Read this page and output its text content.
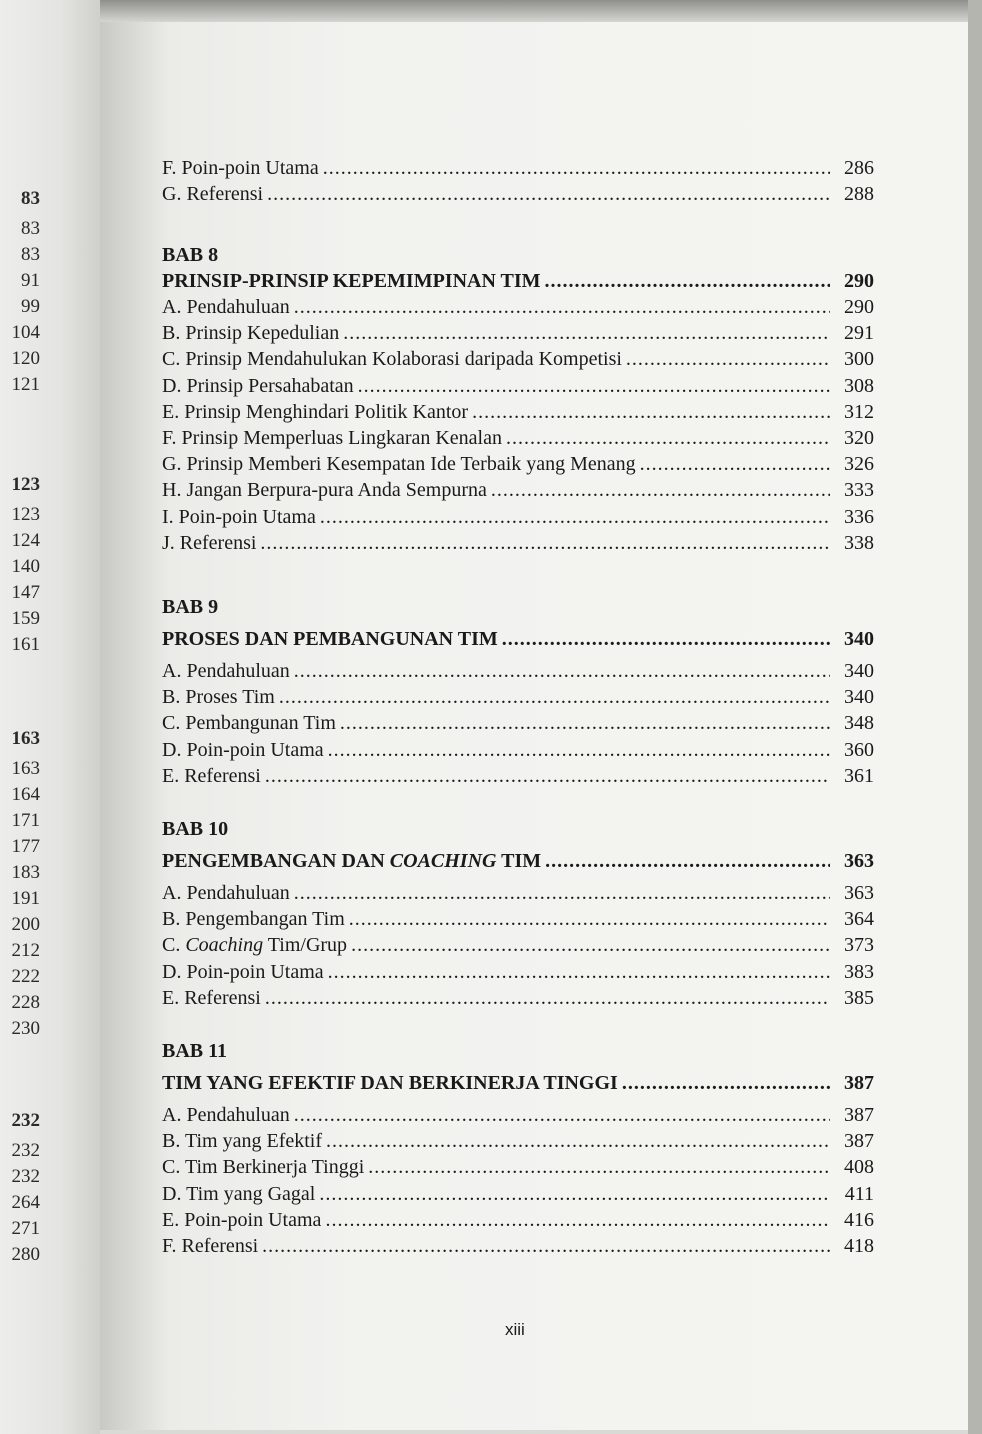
83
83
83
91
99
104
120
121
123
123
124
140
147
159
161
163
163
164
171
177
183
191
200
212
222
228
230
232
232
232
264
271
280
F. Poin-poin Utama .....	286
G. Referensi .....	288
BAB 8
PRINSIP-PRINSIP KEPEMIMPINAN TIM .....	290
A. Pendahuluan .....	290
B. Prinsip Kepedulian .....	291
C. Prinsip Mendahulukan Kolaborasi daripada Kompetisi .....	300
D. Prinsip Persahabatan .....	308
E. Prinsip Menghindari Politik Kantor .....	312
F. Prinsip Memperluas Lingkaran Kenalan .....	320
G. Prinsip Memberi Kesempatan Ide Terbaik yang Menang .....	326
H. Jangan Berpura-pura Anda Sempurna .....	333
I. Poin-poin Utama .....	336
J. Referensi .....	338
BAB 9
PROSES DAN PEMBANGUNAN TIM .....	340
A. Pendahuluan .....	340
B. Proses Tim .....	340
C. Pembangunan Tim .....	348
D. Poin-poin Utama .....	360
E. Referensi .....	361
BAB 10
PENGEMBANGAN DAN COACHING TIM .....	363
A. Pendahuluan .....	363
B. Pengembangan Tim .....	364
C. Coaching Tim/Grup .....	373
D. Poin-poin Utama .....	383
E. Referensi .....	385
BAB 11
TIM YANG EFEKTIF DAN BERKINERJA TINGGI .....	387
A. Pendahuluan .....	387
B. Tim yang Efektif .....	387
C. Tim Berkinerja Tinggi .....	408
D. Tim yang Gagal .....	411
E. Poin-poin Utama .....	416
F. Referensi .....	418
xiii
